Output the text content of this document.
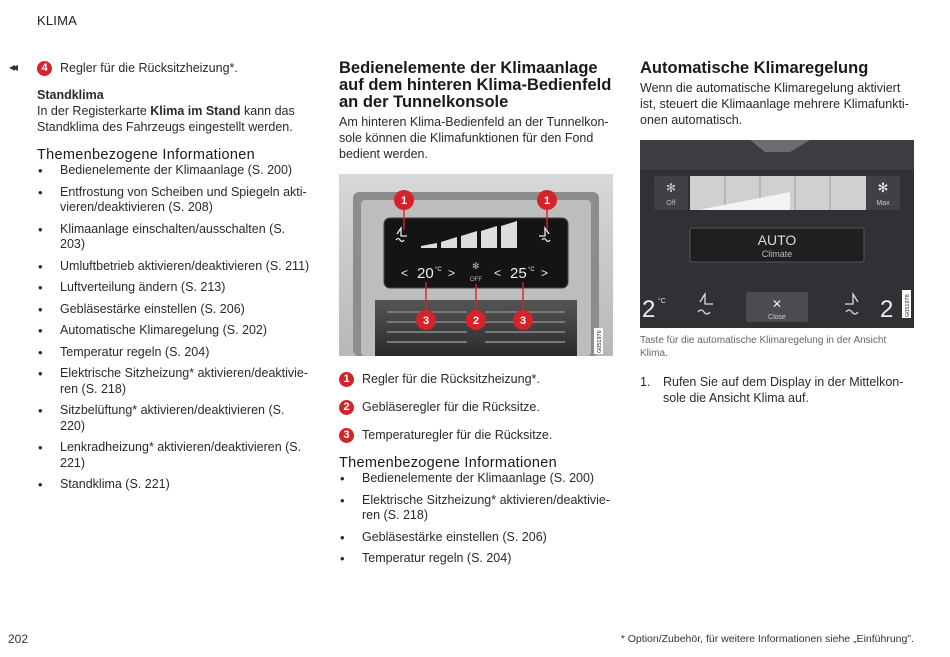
KLIMA
◂◂	4 Regler für die Rücksitzheizung*.
Standklima
In der Registerkarte Klima im Stand kann das Standklima des Fahrzeugs eingestellt werden.
Themenbezogene Informationen
• Bedienelemente der Klimaanlage (S. 200)
• Entfrostung von Scheiben und Spiegeln akti-vieren/deaktivieren (S. 208)
• Klimaanlage einschalten/ausschalten (S. 203)
• Umluftbetrieb aktivieren/deaktivieren (S. 211)
• Luftverteilung ändern (S. 213)
• Gebläsestärke einstellen (S. 206)
• Automatische Klimaregelung (S. 202)
• Temperatur regeln (S. 204)
• Elektrische Sitzheizung* aktivieren/deaktivie-ren (S. 218)
• Sitzbelüftung* aktivieren/deaktivieren (S. 220)
• Lenkradheizung* aktivieren/deaktivieren (S. 221)
• Standklima (S. 221)
Bedienelemente der Klimaanlage auf dem hinteren Klima-Bedienfeld an der Tunnelkonsole
Am hinteren Klima-Bedienfeld an der Tunnelkon-sole können die Klimafunktionen für den Fond bedient werden.
< 20 °C > ✻
OFF < 25 °C >
1	1
3	2	3
G051976
1 Regler für die Rücksitzheizung*.
2 Gebläseregler für die Rücksitze.
3 Temperaturegler für die Rücksitze.
Themenbezogene Informationen
• Bedienelemente der Klimaanlage (S. 200)
• Elektrische Sitzheizung* aktivieren/deaktivie-ren (S. 218)
• Gebläsestärke einstellen (S. 206)
• Temperatur regeln (S. 204)
Automatische Klimaregelung
Wenn die automatische Klimaregelung aktiviert ist, steuert die Klimaanlage mehrere Klimafunkti-onen automatisch.
✻
Off
✻
Max
AUTO
Climate
2 °C	✕
Close	2 G051978
Taste für die automatische Klimaregelung in der Ansicht Klima.
1.	Rufen Sie auf dem Display in der Mittelkon-sole die Ansicht Klima auf.
202	* Option/Zubehör, für weitere Informationen siehe „Einführung".
